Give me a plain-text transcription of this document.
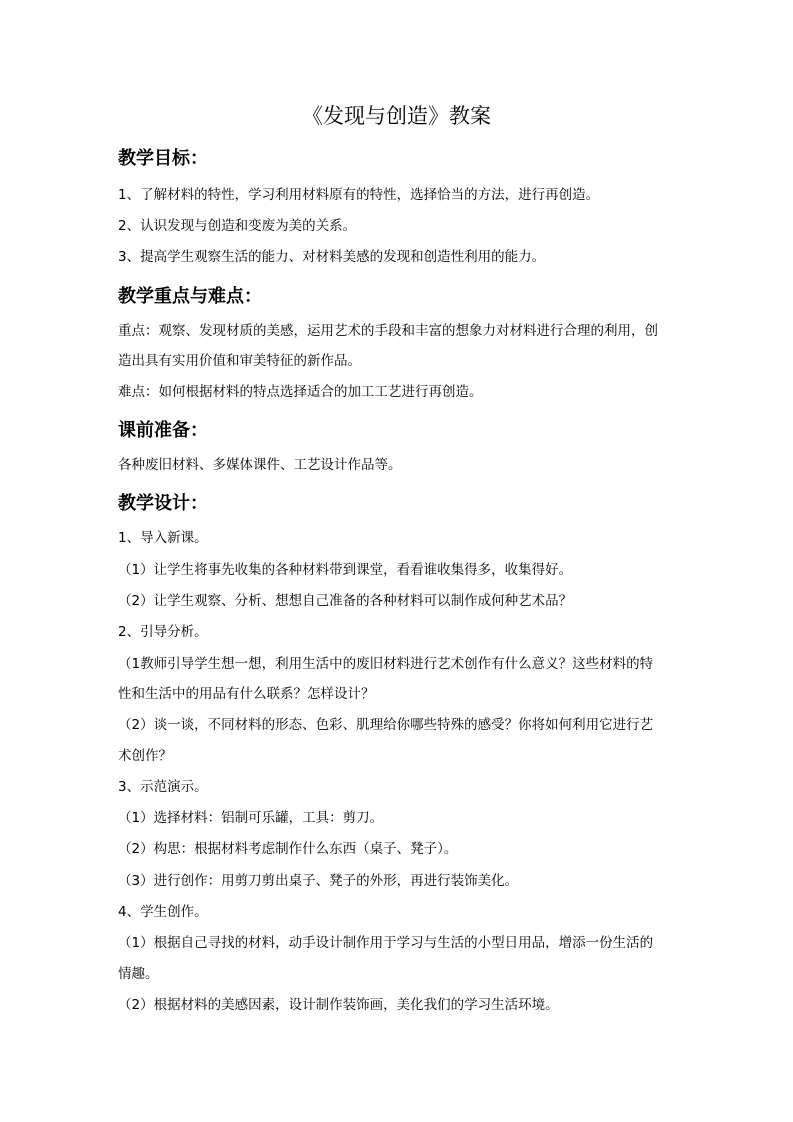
《发现与创造》教案
教学目标：
1、了解材料的特性，学习利用材料原有的特性，选择恰当的方法，进行再创造。
2、认识发现与创造和变废为美的关系。
3、提高学生观察生活的能力、对材料美感的发现和创造性利用的能力。
教学重点与难点：
重点：观察、发现材质的美感，运用艺术的手段和丰富的想象力对材料进行合理的利用，创
造出具有实用价值和审美特征的新作品。
难点：如何根据材料的特点选择适合的加工工艺进行再创造。
课前准备：
各种废旧材料、多媒体课件、工艺设计作品等。
教学设计：
1、导入新课。
（1）让学生将事先收集的各种材料带到课堂，看看谁收集得多，收集得好。
（2）让学生观察、分析、想想自己准备的各种材料可以制作成何种艺术品？
2、引导分析。
（1教师引导学生想一想，利用生活中的废旧材料进行艺术创作有什么意义？这些材料的特
性和生活中的用品有什么联系？怎样设计？
（2）谈一谈，不同材料的形态、色彩、肌理给你哪些特殊的感受？你将如何利用它进行艺
术创作？
3、示范演示。
（1）选择材料：铝制可乐罐，工具：剪刀。
（2）构思：根据材料考虑制作什么东西（桌子、凳子）。
（3）进行创作：用剪刀剪出桌子、凳子的外形，再进行装饰美化。
4、学生创作。
（1）根据自己寻找的材料，动手设计制作用于学习与生活的小型日用品，增添一份生活的
情趣。
（2）根据材料的美感因素，设计制作装饰画，美化我们的学习生活环境。
